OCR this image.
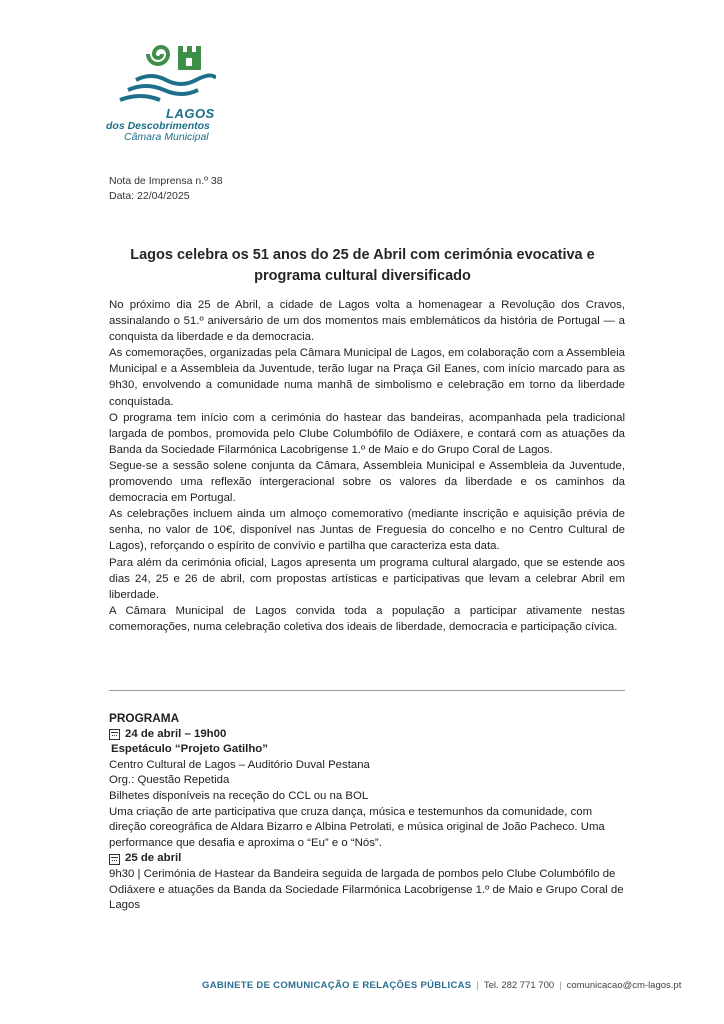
LAGOS
dos Descobrimentos
Câmara Municipal
Nota de Imprensa n.º 38
Data: 22/04/2025
Lagos celebra os 51 anos do 25 de Abril com cerimónia evocativa e
programa cultural diversificado

No próximo dia 25 de Abril, a cidade de Lagos volta a homenagear a Revolução dos Cravos, assinalando o 51.º aniversário de um dos momentos mais emblemáticos da história de Portugal — a conquista da liberdade e da democracia.

As comemorações, organizadas pela Câmara Municipal de Lagos, em colaboração com a Assembleia Municipal e a Assembleia da Juventude, terão lugar na Praça Gil Eanes, com início marcado para as 9h30, envolvendo a comunidade numa manhã de simbolismo e celebração em torno da liberdade conquistada.

O programa tem início com a cerimónia do hastear das bandeiras, acompanhada pela tradicional largada de pombos, promovida pelo Clube Columbófilo de Odiáxere, e contará com as atuações da Banda da Sociedade Filarmónica Lacobrigense 1.º de Maio e do Grupo Coral de Lagos.

Segue-se a sessão solene conjunta da Câmara, Assembleia Municipal e Assembleia da Juventude, promovendo uma reflexão intergeracional sobre os valores da liberdade e os caminhos da democracia em Portugal.

As celebrações incluem ainda um almoço comemorativo (mediante inscrição e aquisição prévia de senha, no valor de 10€, disponível nas Juntas de Freguesia do concelho e no Centro Cultural de Lagos), reforçando o espírito de convívio e partilha que caracteriza esta data.

Para além da cerimónia oficial, Lagos apresenta um programa cultural alargado, que se estende aos dias 24, 25 e 26 de abril, com propostas artísticas e participativas que levam a celebrar Abril em liberdade.

A Câmara Municipal de Lagos convida toda a população a participar ativamente nestas comemorações, numa celebração coletiva dos ideais de liberdade, democracia e participação cívica.

PROGRAMA
24 de abril – 19h00

Espetáculo “Projeto Gatilho”

Centro Cultural de Lagos – Auditório Duval Pestana

Org.: Questão Repetida

Bilhetes disponíveis na receção do CCL ou na BOL

Uma criação de arte participativa que cruza dança, música e testemunhos da comunidade, com direção coreográfica de Aldara Bizarro e Albina Petrolati, e música original de João Pacheco. Uma performance que desafia e aproxima o “Eu” e o “Nós”.

25 de abril

9h30 | Cerimónia de Hastear da Bandeira seguida de largada de pombos pelo Clube Columbófilo de Odiáxere e atuações da Banda da Sociedade Filarmónica Lacobrigense 1.º de Maio e Grupo Coral de Lagos

GABINETE DE COMUNICAÇÃO E RELAÇÕES PÚBLICAS | Tel. 282 771 700 | comunicacao@cm-lagos.pt
